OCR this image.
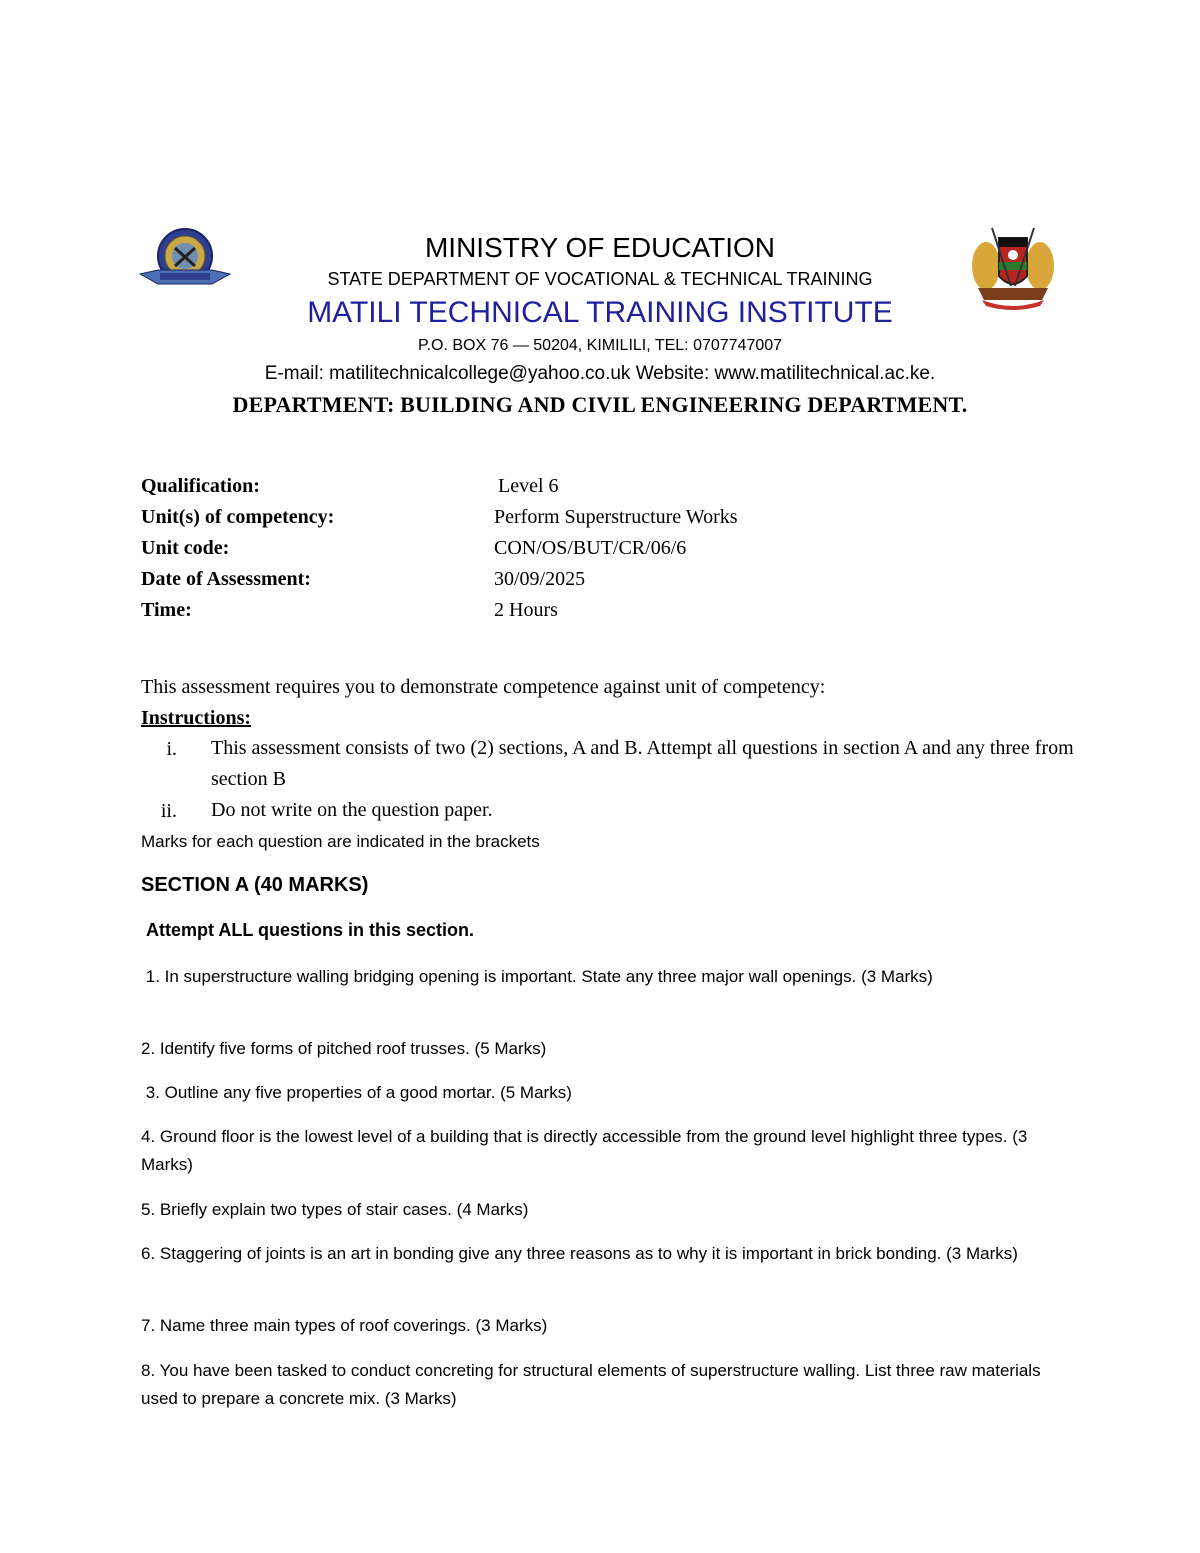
MINISTRY OF EDUCATION
STATE DEPARTMENT OF VOCATIONAL & TECHNICAL TRAINING
MATILI TECHNICAL TRAINING INSTITUTE
P.O. BOX 76 — 50204, KIMILILI, TEL: 0707747007
E-mail: matilitechnicalcollege@yahoo.co.uk Website: www.matilitechnical.ac.ke.
DEPARTMENT: BUILDING AND CIVIL ENGINEERING DEPARTMENT.
Qualification:	Level 6
Unit(s) of competency:	Perform Superstructure Works
Unit code:	CON/OS/BUT/CR/06/6
Date of Assessment:	30/09/2025
Time:	2 Hours
This assessment requires you to demonstrate competence against unit of competency:
Instructions:
i. This assessment consists of two (2) sections, A and B. Attempt all questions in section A and any three from section B
ii. Do not write on the question paper.
Marks for each question are indicated in the brackets
SECTION A (40 MARKS)
Attempt ALL questions in this section.
1. In superstructure walling bridging opening is important. State any three major wall openings. (3 Marks)
2. Identify five forms of pitched roof trusses. (5 Marks)
3. Outline any five properties of a good mortar. (5 Marks)
4. Ground floor is the lowest level of a building that is directly accessible from the ground level highlight three types. (3 Marks)
5. Briefly explain two types of stair cases. (4 Marks)
6. Staggering of joints is an art in bonding give any three reasons as to why it is important in brick bonding. (3 Marks)
7. Name three main types of roof coverings. (3 Marks)
8. You have been tasked to conduct concreting for structural elements of superstructure walling. List three raw materials used to prepare a concrete mix. (3 Marks)
